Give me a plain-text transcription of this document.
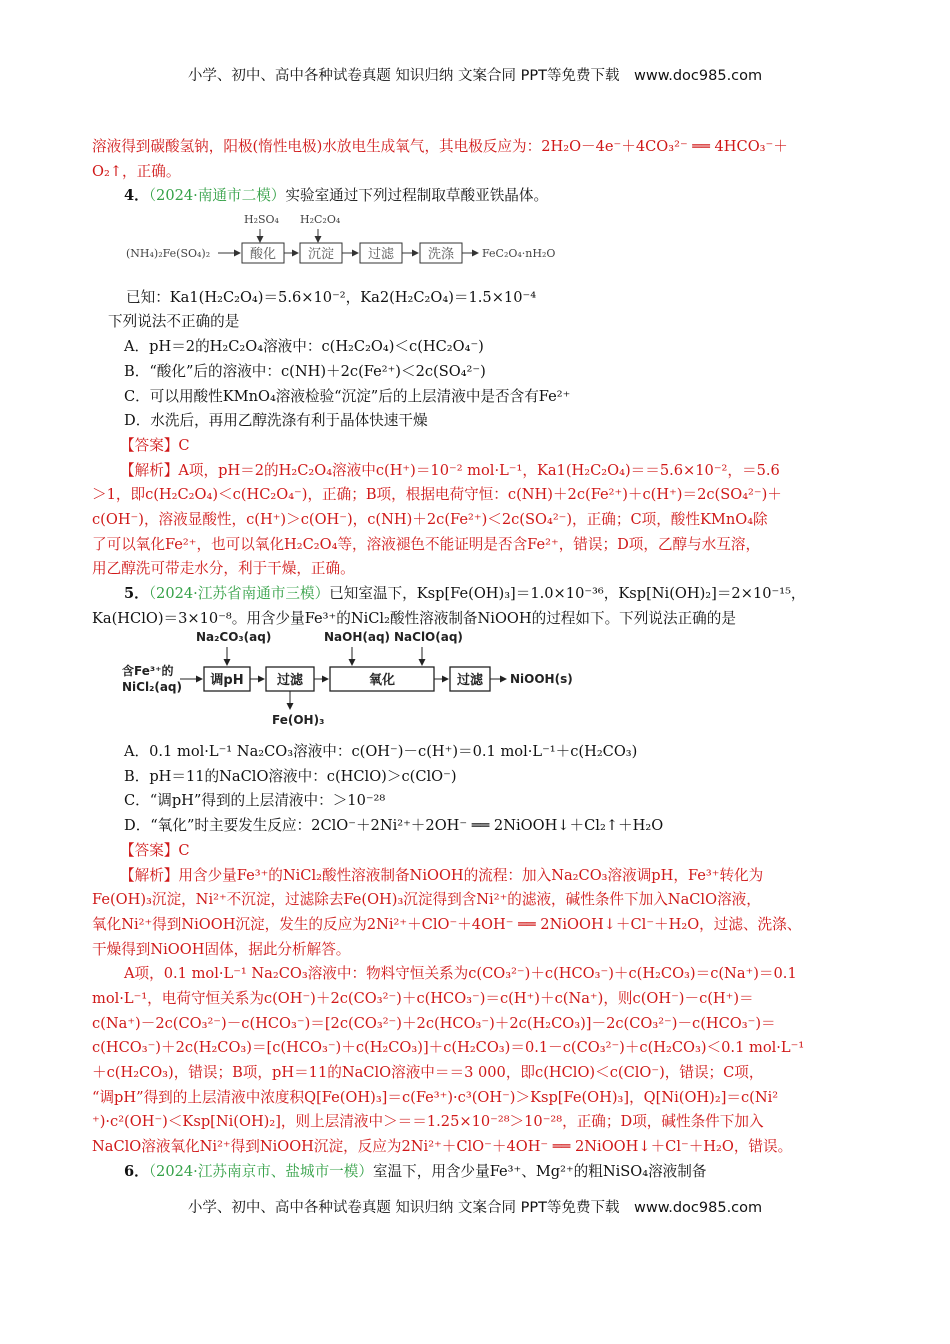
小学、初中、高中各种试卷真题 知识归纳 文案合同 PPT等免费下载　www.doc985.com
溶液得到碳酸氢钠，阳极(惰性电极)水放电生成氧气，其电极反应为：2H₂O－4e⁻＋4CO₃²⁻ ══ 4HCO₃⁻＋
O₂↑，正确。
4．（2024·南通市二模）实验室通过下列过程制取草酸亚铁晶体。
(NH₄)₂Fe(SO₄)₂
H₂SO₄ H₂C₂O₄
FeC₂O₄·nH₂O
酸化 沉淀	过滤	洗涤
已知：Ka1(H₂C₂O₄)＝5.6×10⁻²，Ka2(H₂C₂O₄)＝1.5×10⁻⁴
下列说法不正确的是
A．pH＝2的H₂C₂O₄溶液中：c(H₂C₂O₄)＜c(HC₂O₄⁻)
B．“酸化”后的溶液中：c(NH)＋2c(Fe²⁺)＜2c(SO₄²⁻)
C．可以用酸性KMnO₄溶液检验“沉淀”后的上层清液中是否含有Fe²⁺
D．水洗后，再用乙醇洗涤有利于晶体快速干燥
【答案】C
【解析】A项，pH＝2的H₂C₂O₄溶液中c(H⁺)＝10⁻² mol·L⁻¹，Ka1(H₂C₂O₄)＝＝5.6×10⁻²，＝5.6
＞1，即c(H₂C₂O₄)＜c(HC₂O₄⁻)，正确；B项，根据电荷守恒：c(NH)＋2c(Fe²⁺)＋c(H⁺)＝2c(SO₄²⁻)＋
c(OH⁻)，溶液显酸性，c(H⁺)＞c(OH⁻)，c(NH)＋2c(Fe²⁺)＜2c(SO₄²⁻)，正确；C项，酸性KMnO₄除
了可以氧化Fe²⁺，也可以氧化H₂C₂O₄等，溶液褪色不能证明是否含Fe²⁺，错误；D项，乙醇与水互溶，
用乙醇洗可带走水分，利于干燥，正确。
5．（2024·江苏省南通市三模）已知室温下，Ksp[Fe(OH)₃]＝1.0×10⁻³⁶，Ksp[Ni(OH)₂]＝2×10⁻¹⁵，
Ka(HClO)＝3×10⁻⁸。用含少量Fe³⁺的NiCl₂酸性溶液制备NiOOH的过程如下。下列说法正确的是
含Fe³⁺的
NiCl₂(aq)
Na₂CO₃(aq)	NaOH(aq) NaClO(aq)
NiOOH(s)
Fe(OH)₃
调pH	过滤	氧化	过滤
A．0.1 mol·L⁻¹ Na₂CO₃溶液中：c(OH⁻)－c(H⁺)＝0.1 mol·L⁻¹＋c(H₂CO₃)
B．pH＝11的NaClO溶液中：c(HClO)＞c(ClO⁻)
C．“调pH”得到的上层清液中：＞10⁻²⁸
D．“氧化”时主要发生反应：2ClO⁻＋2Ni²⁺＋2OH⁻ ══ 2NiOOH↓＋Cl₂↑＋H₂O
【答案】C
【解析】用含少量Fe³⁺的NiCl₂酸性溶液制备NiOOH的流程：加入Na₂CO₃溶液调pH，Fe³⁺转化为
Fe(OH)₃沉淀，Ni²⁺不沉淀，过滤除去Fe(OH)₃沉淀得到含Ni²⁺的滤液，碱性条件下加入NaClO溶液，
氧化Ni²⁺得到NiOOH沉淀，发生的反应为2Ni²⁺＋ClO⁻＋4OH⁻ ══ 2NiOOH↓＋Cl⁻＋H₂O，过滤、洗涤、
干燥得到NiOOH固体，据此分析解答。
A项，0.1 mol·L⁻¹ Na₂CO₃溶液中：物料守恒关系为c(CO₃²⁻)＋c(HCO₃⁻)＋c(H₂CO₃)＝c(Na⁺)＝0.1
mol·L⁻¹，电荷守恒关系为c(OH⁻)＋2c(CO₃²⁻)＋c(HCO₃⁻)＝c(H⁺)＋c(Na⁺)，则c(OH⁻)－c(H⁺)＝
c(Na⁺)－2c(CO₃²⁻)－c(HCO₃⁻)＝[2c(CO₃²⁻)＋2c(HCO₃⁻)＋2c(H₂CO₃)]－2c(CO₃²⁻)－c(HCO₃⁻)＝
c(HCO₃⁻)＋2c(H₂CO₃)＝[c(HCO₃⁻)＋c(H₂CO₃)]＋c(H₂CO₃)＝0.1－c(CO₃²⁻)＋c(H₂CO₃)＜0.1 mol·L⁻¹
＋c(H₂CO₃)，错误；B项，pH＝11的NaClO溶液中＝＝3 000，即c(HClO)＜c(ClO⁻)，错误；C项，
“调pH”得到的上层清液中浓度积Q[Fe(OH)₃]＝c(Fe³⁺)·c³(OH⁻)＞Ksp[Fe(OH)₃]，Q[Ni(OH)₂]＝c(Ni²
⁺)·c²(OH⁻)＜Ksp[Ni(OH)₂]，则上层清液中＞＝＝1.25×10⁻²⁸＞10⁻²⁸，正确；D项，碱性条件下加入
NaClO溶液氧化Ni²⁺得到NiOOH沉淀，反应为2Ni²⁺＋ClO⁻＋4OH⁻ ══ 2NiOOH↓＋Cl⁻＋H₂O，错误。
6．（2024·江苏南京市、盐城市一模）室温下，用含少量Fe³⁺、Mg²⁺的粗NiSO₄溶液制备
小学、初中、高中各种试卷真题 知识归纳 文案合同 PPT等免费下载　www.doc985.com
